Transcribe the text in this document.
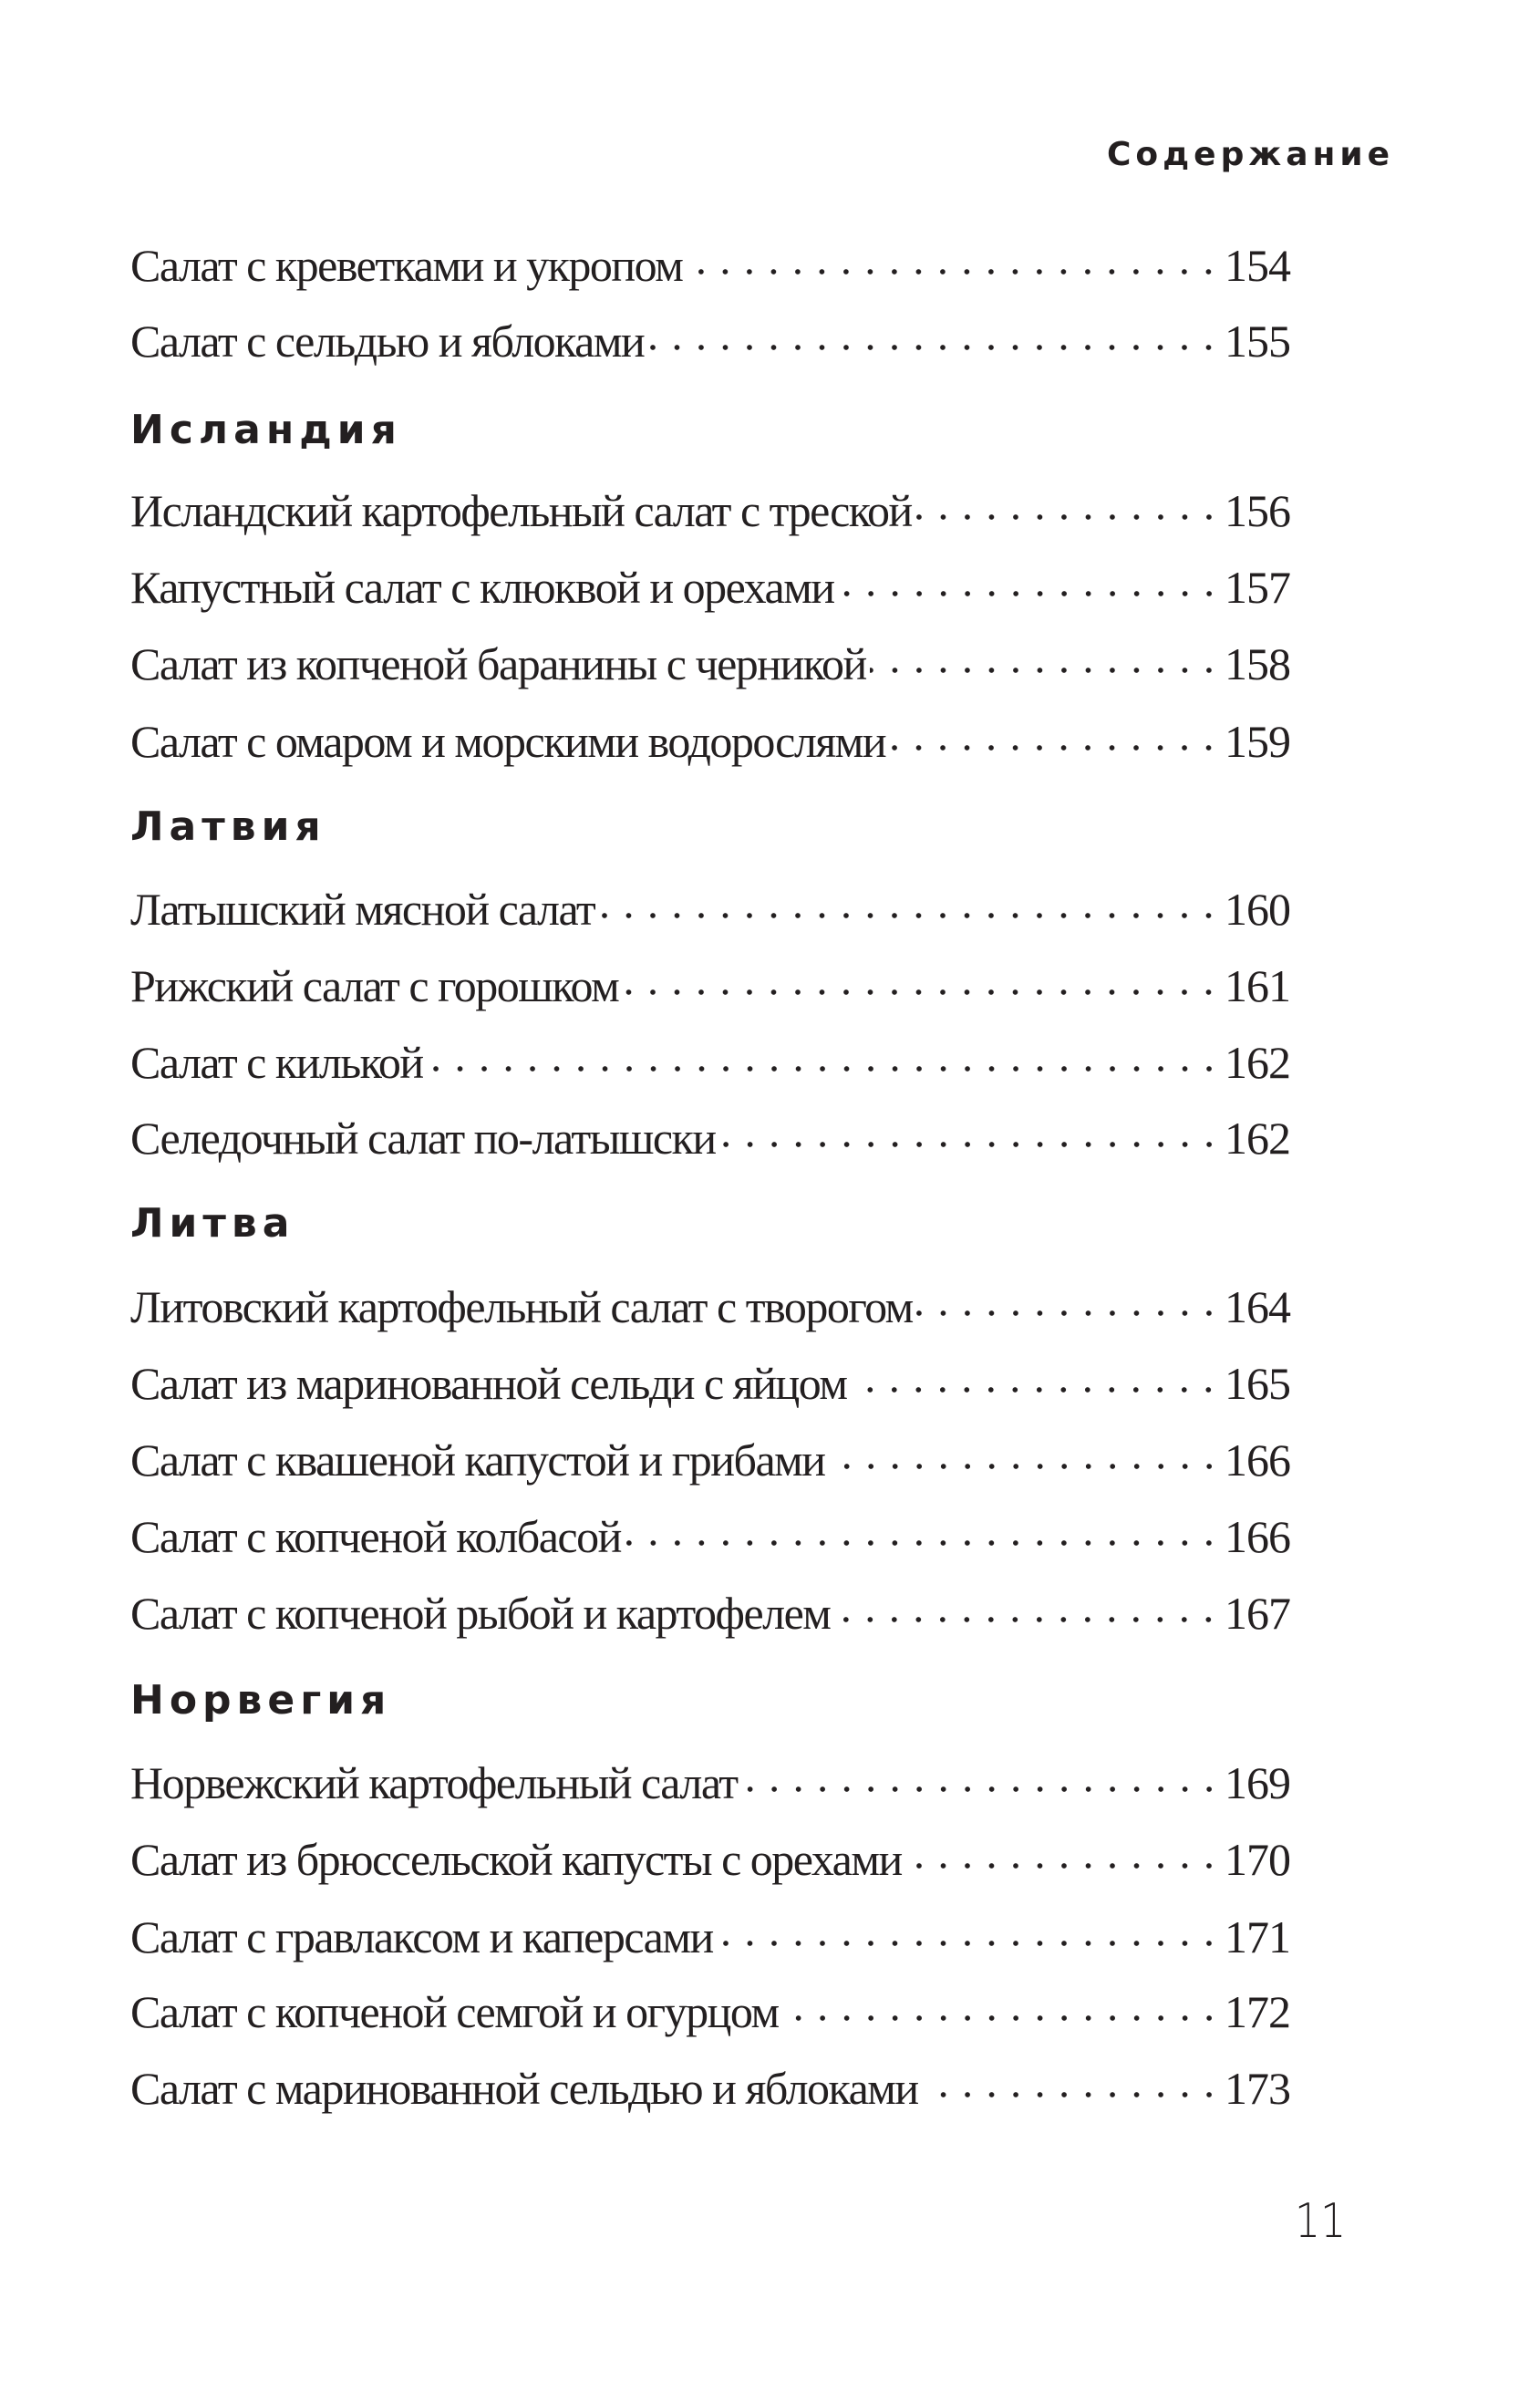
Содержание
Салат с креветками и укропом	154
Салат с сельдью и яблоками	155
Исландия
Исландский картофельный салат с треской	156
Капустный салат с клюквой и орехами	157
Салат из копченой баранины с черникой	158
Салат с омаром и морскими водорослями	159
Латвия
Латышский мясной салат	160
Рижский салат с горошком	161
Салат с килькой	162
Селедочный салат по-латышски	162
Литва
Литовский картофельный салат с творогом	164
Салат из маринованной сельди с яйцом	165
Салат с квашеной капустой и грибами	166
Салат с копченой колбасой	166
Салат с копченой рыбой и картофелем	167
Норвегия
Норвежский картофельный салат	169
Салат из брюссельской капусты с орехами	170
Салат с гравлаксом и каперсами	171
Салат с копченой семгой и огурцом	172
Салат с маринованной сельдью и яблоками	173
11
